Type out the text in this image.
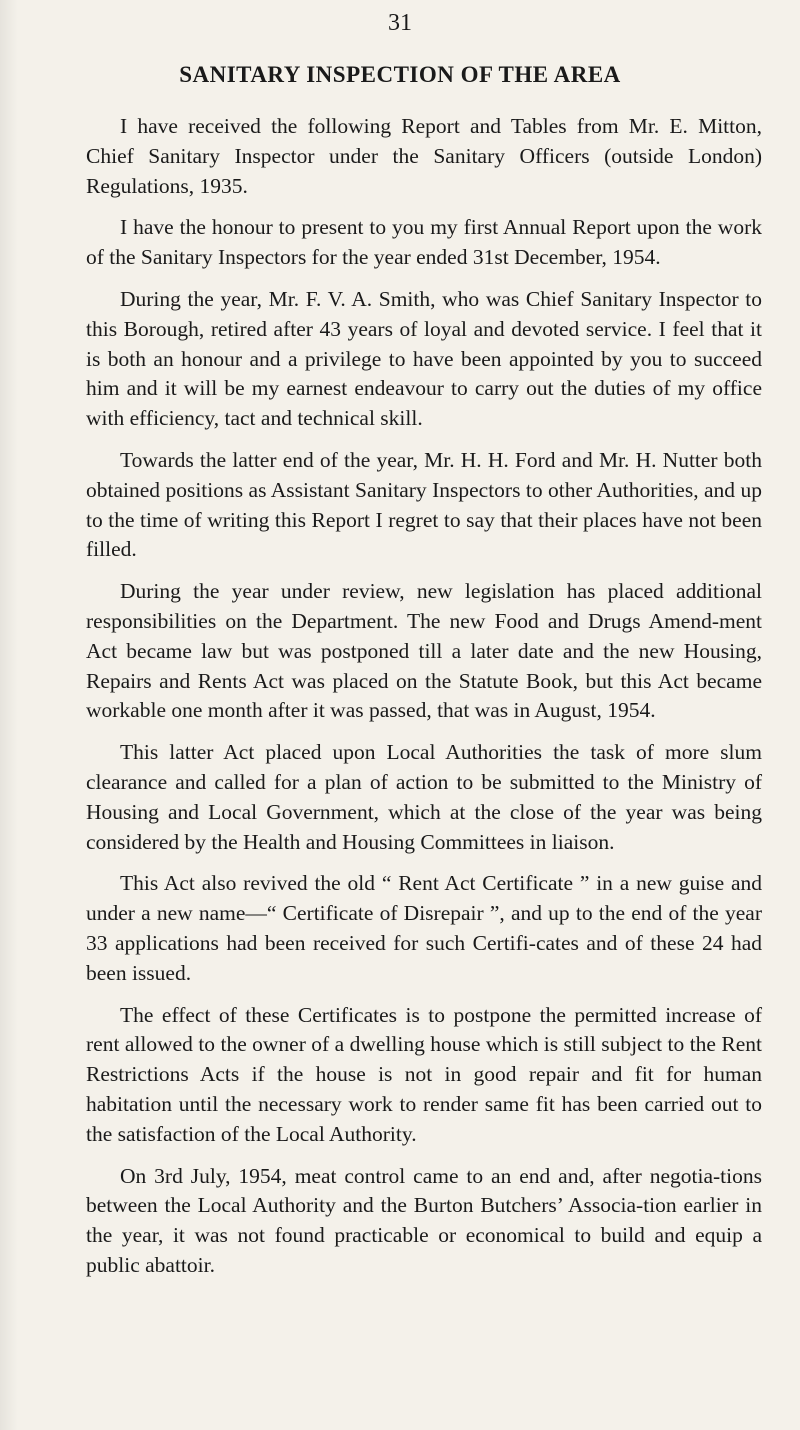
31
SANITARY INSPECTION OF THE AREA

I have received the following Report and Tables from Mr. E. Mitton, Chief Sanitary Inspector under the Sanitary Officers (outside London) Regulations, 1935.

I have the honour to present to you my first Annual Report upon the work of the Sanitary Inspectors for the year ended 31st December, 1954.

During the year, Mr. F. V. A. Smith, who was Chief Sanitary Inspector to this Borough, retired after 43 years of loyal and devoted service. I feel that it is both an honour and a privilege to have been appointed by you to succeed him and it will be my earnest endeavour to carry out the duties of my office with efficiency, tact and technical skill.

Towards the latter end of the year, Mr. H. H. Ford and Mr. H. Nutter both obtained positions as Assistant Sanitary Inspectors to other Authorities, and up to the time of writing this Report I regret to say that their places have not been filled.

During the year under review, new legislation has placed additional responsibilities on the Department. The new Food and Drugs Amend-ment Act became law but was postponed till a later date and the new Housing, Repairs and Rents Act was placed on the Statute Book, but this Act became workable one month after it was passed, that was in August, 1954.

This latter Act placed upon Local Authorities the task of more slum clearance and called for a plan of action to be submitted to the Ministry of Housing and Local Government, which at the close of the year was being considered by the Health and Housing Committees in liaison.

This Act also revived the old “ Rent Act Certificate ” in a new guise and under a new name—“ Certificate of Disrepair ”, and up to the end of the year 33 applications had been received for such Certifi-cates and of these 24 had been issued.

The effect of these Certificates is to postpone the permitted increase of rent allowed to the owner of a dwelling house which is still subject to the Rent Restrictions Acts if the house is not in good repair and fit for human habitation until the necessary work to render same fit has been carried out to the satisfaction of the Local Authority.

On 3rd July, 1954, meat control came to an end and, after negotia-tions between the Local Authority and the Burton Butchers’ Associa-tion earlier in the year, it was not found practicable or economical to build and equip a public abattoir.
